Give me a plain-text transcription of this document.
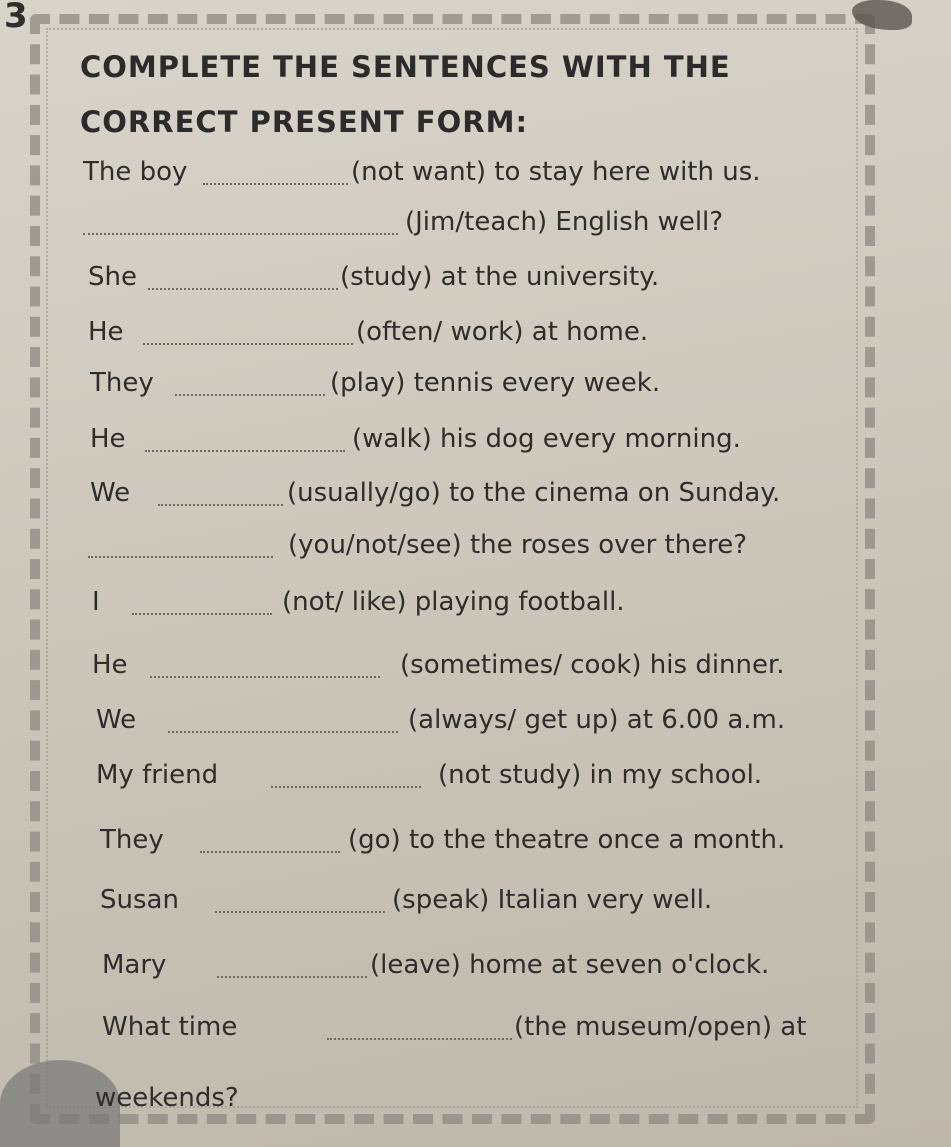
3
COMPLETE THE SENTENCES WITH THE
CORRECT PRESENT FORM:
The boy	(not want) to stay here with us.
(Jim/teach) English well?
She	(study) at the university.
He	(often/ work) at home.
They	(play) tennis every week.
He	(walk) his dog every morning.
We	(usually/go) to the cinema on Sunday.
(you/not/see) the roses over there?
I	(not/ like) playing football.
He	(sometimes/ cook) his dinner.
We	(always/ get up) at 6.00 a.m.
My friend	(not study) in my school.
They	(go) to the theatre once a month.
Susan	(speak) Italian very well.
Mary	(leave) home at seven o'clock.
What time	(the museum/open) at
weekends?
